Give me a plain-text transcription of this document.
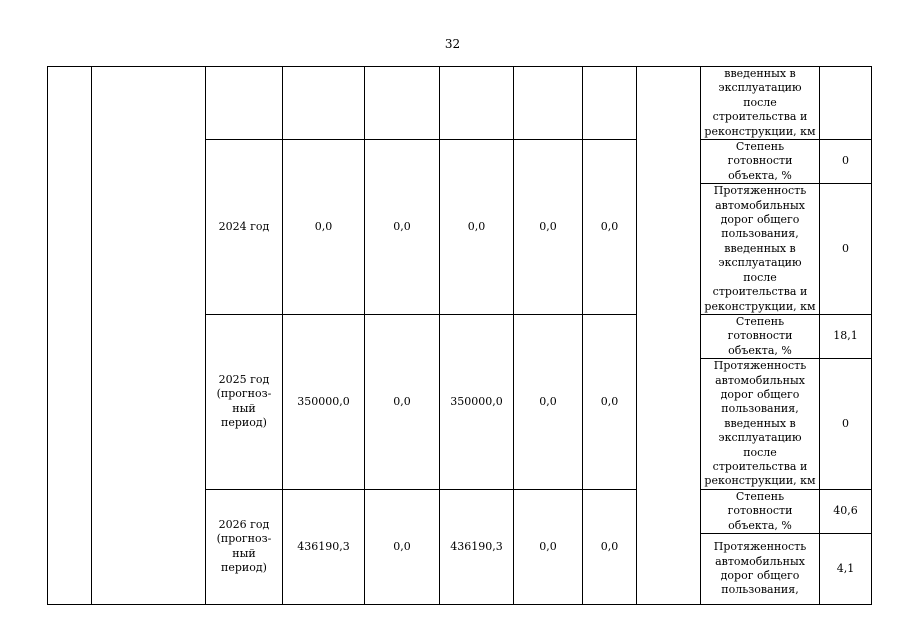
32
									введенных в эксплуатацию после строительства и реконструкции, км	
		2024 год	0,0	0,0	0,0	0,0	0,0		Степень готовности объекта, %	0
									Протяженность автомобильных дорог общего пользования, введенных в эксплуатацию после строительства и реконструкции, км	0
		2025 год (прогноз-ный период)	350000,0	0,0	350000,0	0,0	0,0		Степень готовности объекта, %	18,1
									Протяженность автомобильных дорог общего пользования, введенных в эксплуатацию после строительства и реконструкции, км	0
		2026 год (прогноз-ный период)	436190,3	0,0	436190,3	0,0	0,0		Степень готовности объекта, %	40,6
									Протяженность автомобильных дорог общего пользования,	4,1
